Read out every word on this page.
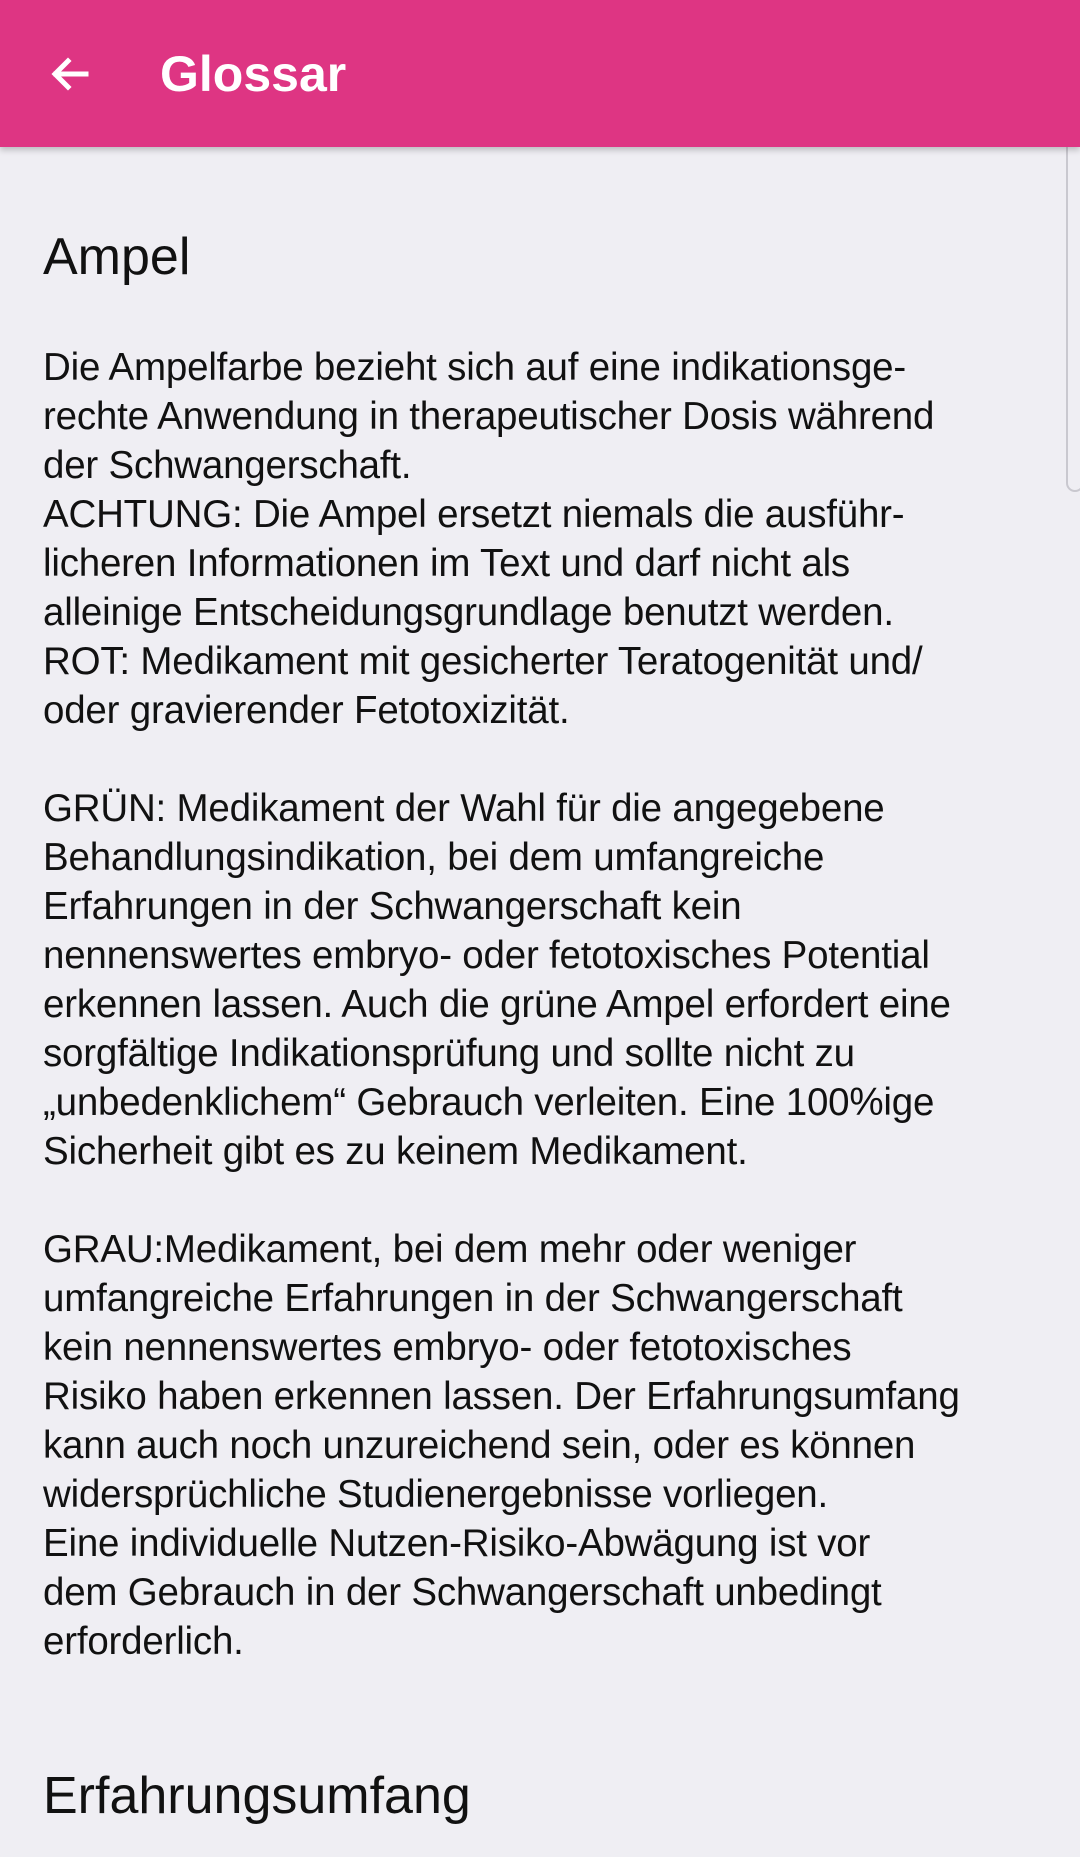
Glossar
Ampel

Die Ampelfarbe bezieht sich auf eine indikationsge-
rechte Anwendung in therapeutischer Dosis während
der Schwangerschaft.
ACHTUNG: Die Ampel ersetzt niemals die ausführ-
licheren Informationen im Text und darf nicht als
alleinige Entscheidungsgrundlage benutzt werden.

ROT: Medikament mit gesicherter Teratogenität und/
oder gravierender Fetotoxizität.

GRÜN: Medikament der Wahl für die angegebene
Behandlungsindikation, bei dem umfangreiche
Erfahrungen in der Schwangerschaft kein
nennenswertes embryo- oder fetotoxisches Potential
erkennen lassen. Auch die grüne Ampel erfordert eine
sorgfältige Indikationsprüfung und sollte nicht zu
„unbedenklichem“ Gebrauch verleiten. Eine 100%ige
Sicherheit gibt es zu keinem Medikament.

GRAU:Medikament, bei dem mehr oder weniger
umfangreiche Erfahrungen in der Schwangerschaft
kein nennenswertes embryo- oder fetotoxisches
Risiko haben erkennen lassen. Der Erfahrungsumfang
kann auch noch unzureichend sein, oder es können
widersprüchliche Studienergebnisse vorliegen.
Eine individuelle Nutzen-Risiko-Abwägung ist vor
dem Gebrauch in der Schwangerschaft unbedingt
erforderlich.

Erfahrungsumfang
